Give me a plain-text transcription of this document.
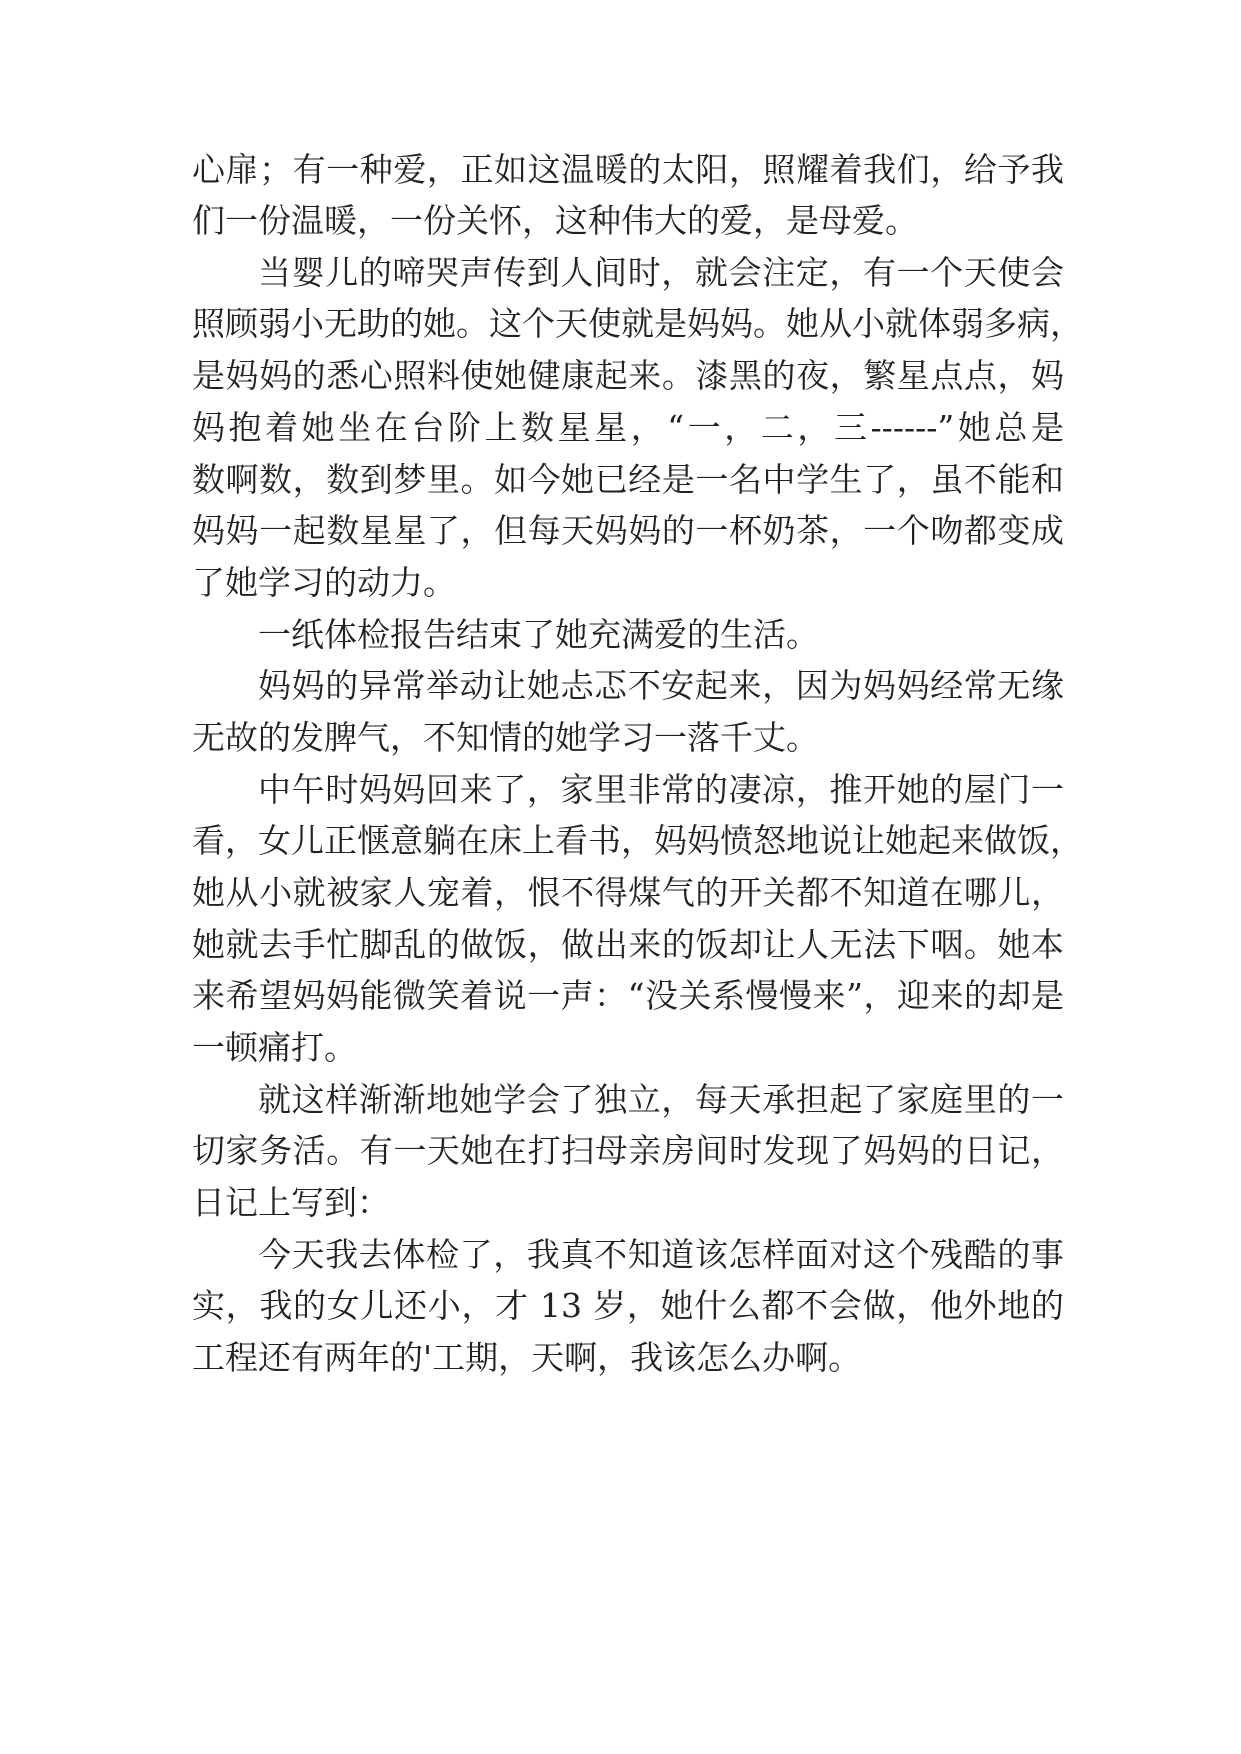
心扉；有一种爱，正如这温暖的太阳，照耀着我们，给予我
们一份温暖，一份关怀，这种伟大的爱，是母爱。
当婴儿的啼哭声传到人间时，就会注定，有一个天使会
照顾弱小无助的她。这个天使就是妈妈。她从小就体弱多病，
是妈妈的悉心照料使她健康起来。漆黑的夜，繁星点点，妈
妈抱着她坐在台阶上数星星，“一，二，三------”她总是
数啊数，数到梦里。如今她已经是一名中学生了，虽不能和
妈妈一起数星星了，但每天妈妈的一杯奶茶，一个吻都变成
了她学习的动力。
一纸体检报告结束了她充满爱的生活。
妈妈的异常举动让她忐忑不安起来，因为妈妈经常无缘
无故的发脾气，不知情的她学习一落千丈。
中午时妈妈回来了，家里非常的凄凉，推开她的屋门一
看，女儿正惬意躺在床上看书，妈妈愤怒地说让她起来做饭，
她从小就被家人宠着，恨不得煤气的开关都不知道在哪儿，
她就去手忙脚乱的做饭，做出来的饭却让人无法下咽。她本
来希望妈妈能微笑着说一声：“没关系慢慢来”，迎来的却是
一顿痛打。
就这样渐渐地她学会了独立，每天承担起了家庭里的一
切家务活。有一天她在打扫母亲房间时发现了妈妈的日记，
日记上写到：
今天我去体检了，我真不知道该怎样面对这个残酷的事
实，我的女儿还小，才 13 岁，她什么都不会做，他外地的
工程还有两年的'工期，天啊，我该怎么办啊。
